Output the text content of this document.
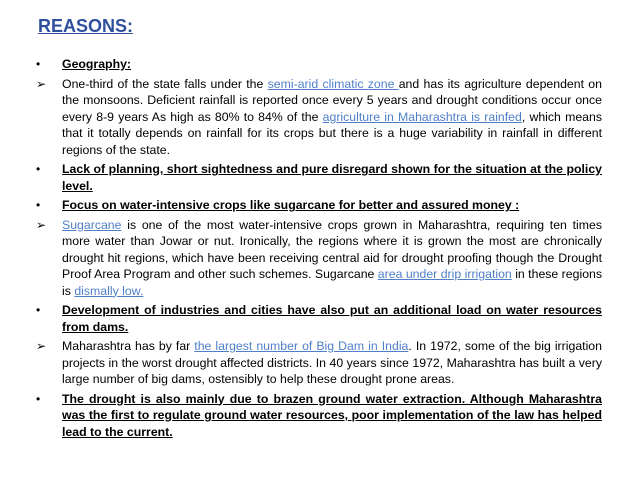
REASONS:
•	Geography:
➢	One-third of the state falls under the semi-arid climatic zone and has its agriculture dependent on the monsoons. Deficient rainfall is reported once every 5 years and drought conditions occur once every 8-9 years As high as 80% to 84% of the agriculture in Maharashtra is rainfed, which means that it totally depends on rainfall for its crops but there is a huge variability in rainfall in different regions of the state.
•	Lack of planning, short sightedness and pure disregard shown for the situation at the policy level.
•	Focus on water-intensive crops like sugarcane for better and assured money :
➢	Sugarcane is one of the most water-intensive crops grown in Maharashtra, requiring ten times more water than Jowar or nut. Ironically, the regions where it is grown the most are chronically drought hit regions, which have been receiving central aid for drought proofing though the Drought Proof Area Program and other such schemes. Sugarcane area under drip irrigation in these regions is dismally low.
•	Development of industries and cities have also put an additional load on water resources from dams.
➢	Maharashtra has by far the largest number of Big Dam in India. In 1972, some of the big irrigation projects in the worst drought affected districts. In 40 years since 1972, Maharashtra has built a very large number of big dams, ostensibly to help these drought prone areas.
•	The drought is also mainly due to brazen ground water extraction. Although Maharashtra was the first to regulate ground water resources, poor implementation of the law has helped lead to the current.
